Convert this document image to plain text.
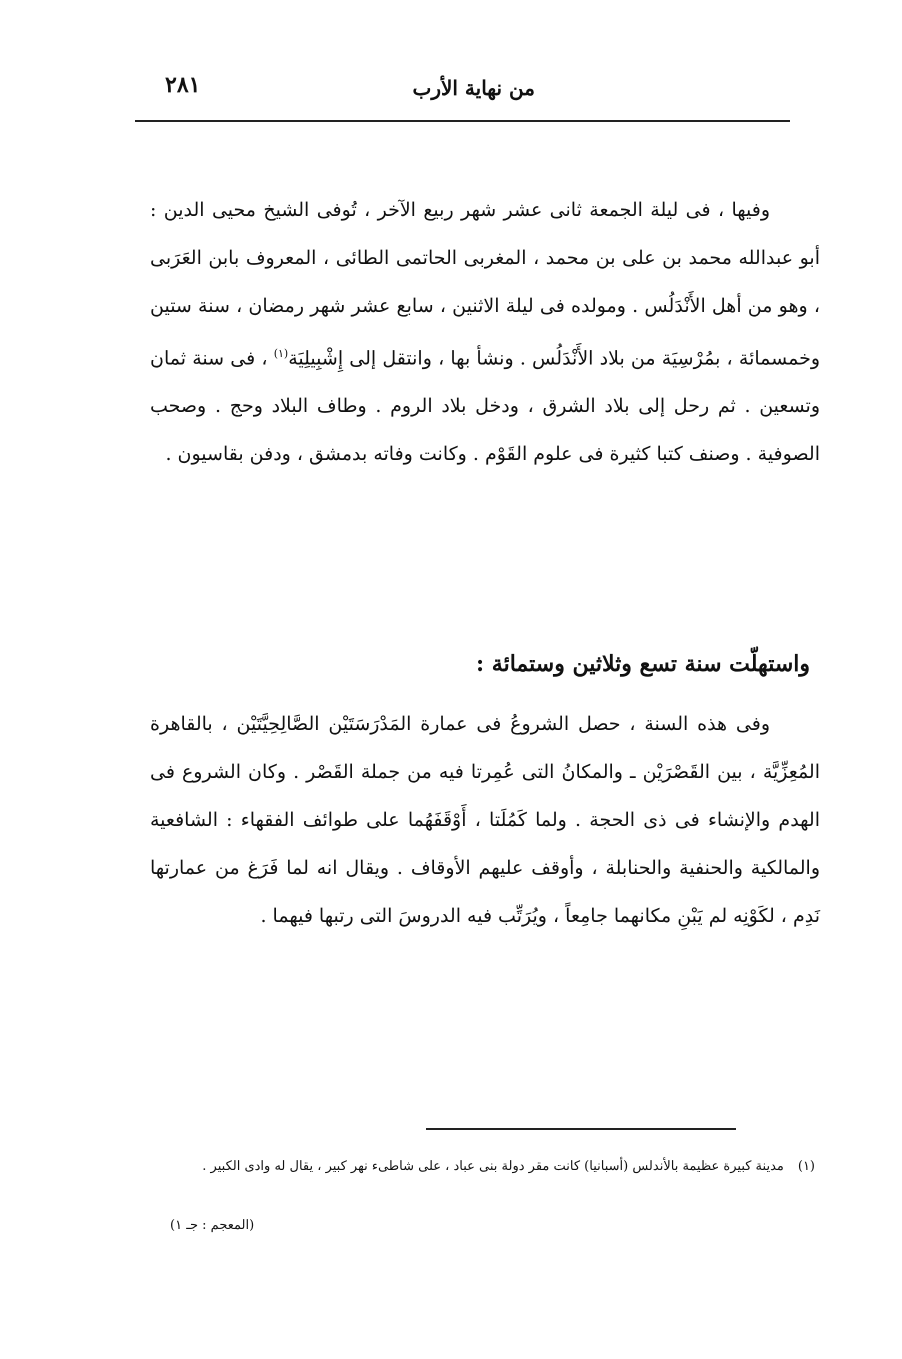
من نهاية الأرب
٢٨١

وفيها ، فى ليلة الجمعة ثانى عشر شهر ربيع الآخر ، تُوفى الشيخ محيى الدين : أبو عبدالله محمد بن على بن محمد ، المغربى الحاتمى الطائى ، المعروف بابن العَرَبى ، وهو من أهل الأَنْدَلُس . ومولده فى ليلة الاثنين ، سابع عشر شهر رمضان ، سنة ستين وخمسمائة ، بمُرْسِيَة من بلاد الأَنْدَلُس . ونشأ بها ، وانتقل إلى إِشْبِيلِيَة$^{(١)}$ ، فى سنة ثمان وتسعين . ثم رحل إلى بلاد الشرق ، ودخل بلاد الروم . وطاف البلاد وحج . وصحب الصوفية . وصنف كتبا كثيرة فى علوم القَوْم . وكانت وفاته بدمشق ، ودفن بقاسيون .

واستهلّت سنة تسع وثلاثين وستمائة :

وفى هذه السنة ، حصل الشروعُ فى عمارة المَدْرَسَتَيْن الصَّالِحِيَّتَيْن ، بالقاهرة المُعِزِّيَّة ، بين القَصْرَيْن ـ والمكانُ التى عُمِرتا فيه من جملة القَصْر . وكان الشروع فى الهدم والإنشاء فى ذى الحجة . ولما كَمُلَتا ، أَوْقَفَهُما على طوائف الفقهاء : الشافعية والمالكية والحنفية والحنابلة ، وأوقف عليهم الأوقاف . ويقال انه لما فَرَغ من عمارتها نَدِم ، لكَوْنِه لم يَبْنِ مكانهما جامِعاً ، ويُرَتِّب فيه الدروسَ التى رتبها فيهما .

(١)مدينة كبيرة عظيمة بالأندلس (أسبانيا) كانت مقر دولة بنى عباد ، على شاطىء نهر كبير ، يقال له وادى الكبير .
(المعجم : جـ ١)
